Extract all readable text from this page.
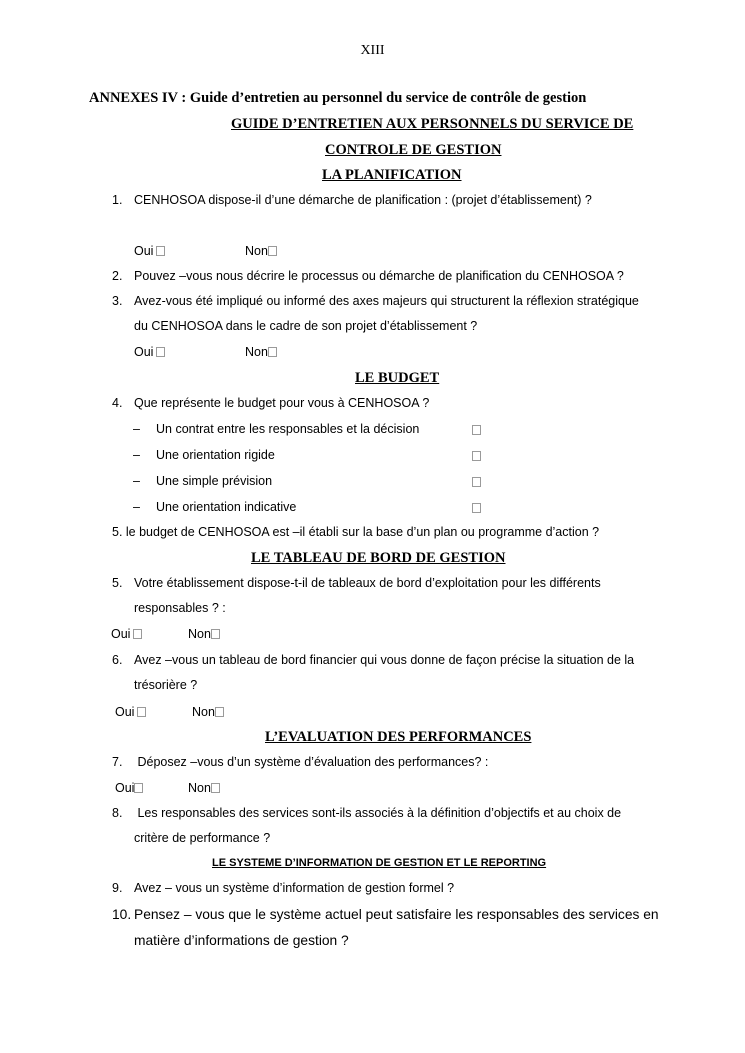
XIII
ANNEXES IV : Guide d’entretien au personnel du service de contrôle de gestion
GUIDE D’ENTRETIEN AUX PERSONNELS DU SERVICE DE
CONTROLE DE GESTION
LA PLANIFICATION
1. CENHOSOA dispose-il d’une démarche de planification : (projet d’établissement) ?
Oui	Non
2. Pouvez –vous nous décrire le processus ou démarche de planification du CENHOSOA ?
3. Avez-vous été impliqué ou informé des axes majeurs qui structurent la réflexion stratégique
du CENHOSOA dans le cadre de son projet d’établissement ?
Oui	Non
LE BUDGET
4. Que représente le budget pour vous à CENHOSOA ?
– Un contrat entre les responsables et la décision
– Une orientation rigide
– Une simple prévision
– Une orientation indicative
5. le budget de CENHOSOA est –il établi sur la base d’un plan ou programme d’action ?
LE TABLEAU DE BORD DE GESTION
5. Votre établissement dispose-t-il de tableaux de bord d’exploitation pour les différents
responsables ? :
Oui	Non
6. Avez –vous un tableau de bord financier qui vous donne de façon précise la situation de la
trésorière ?
Oui	Non
L’EVALUATION DES PERFORMANCES
7. Déposez –vous d’un système d’évaluation des performances? :
Oui	Non
8. Les responsables des services sont-ils associés à la définition d’objectifs et au choix de
critère de performance ?
LE SYSTEME D’INFORMATION DE GESTION ET LE REPORTING
9. Avez – vous un système d’information de gestion formel ?
10. Pensez – vous que le système actuel peut satisfaire les responsables des services en
matière d’informations de gestion ?
